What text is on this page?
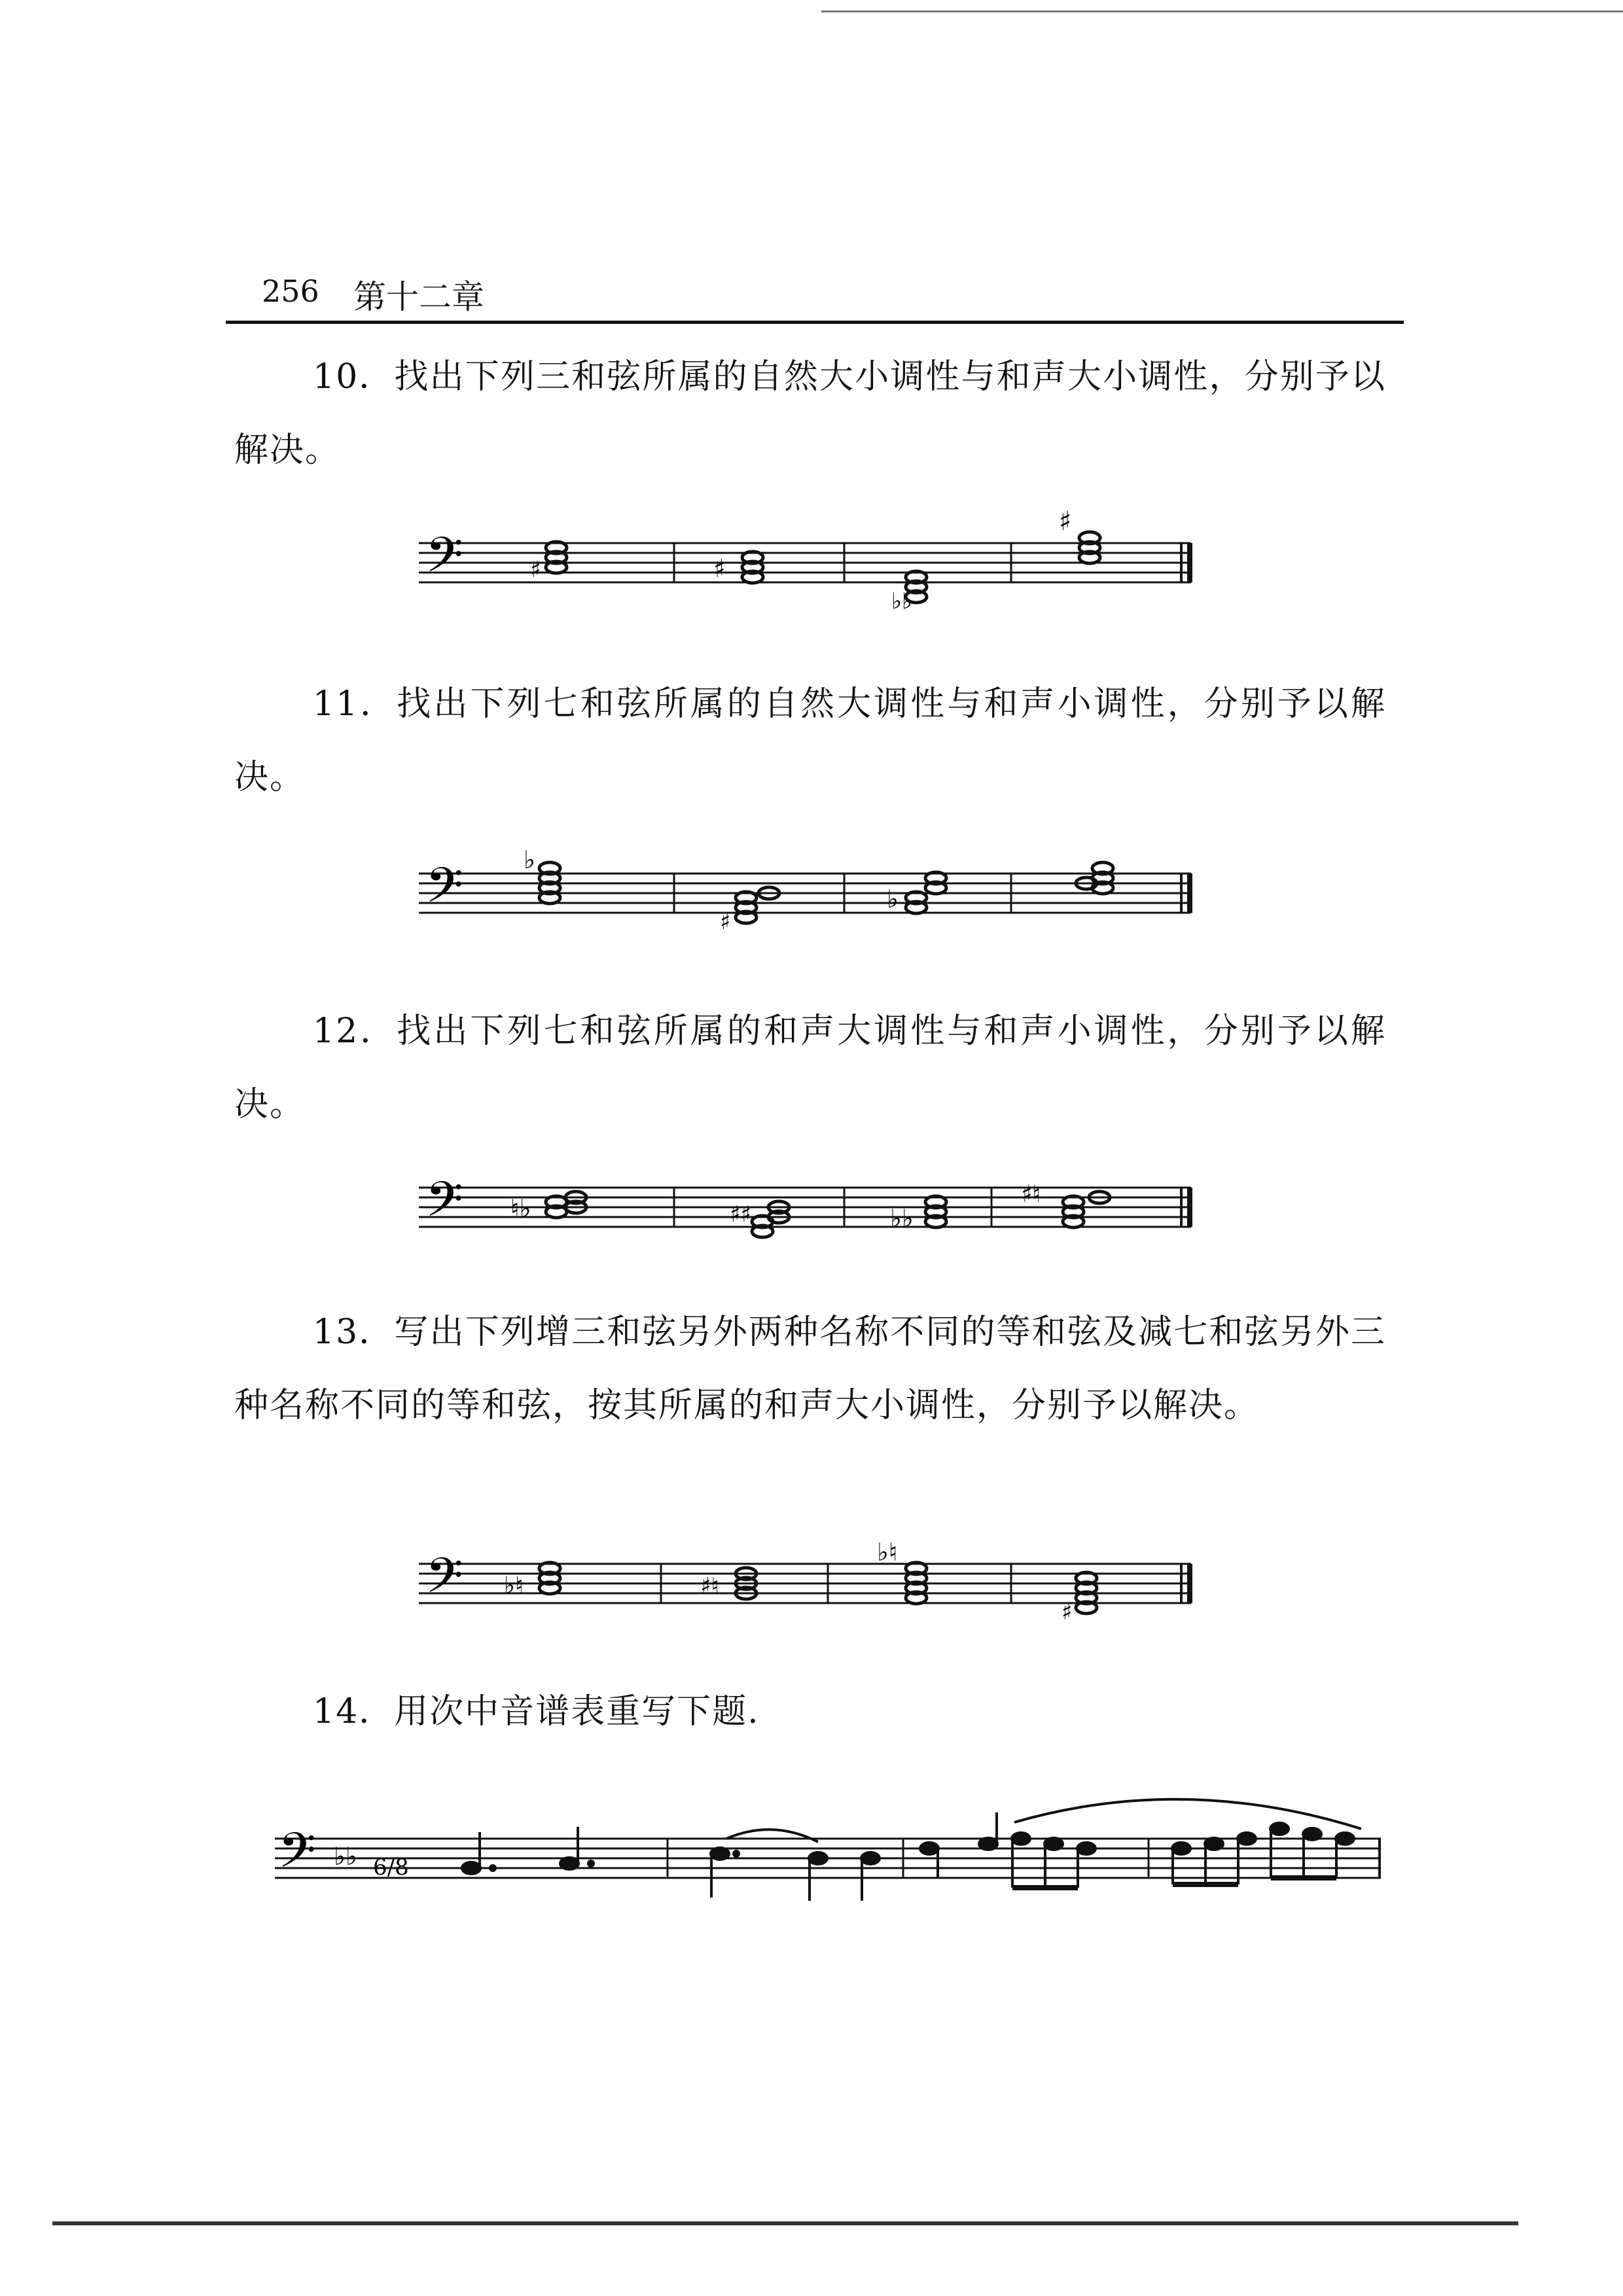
256 第十二章
10．找出下列三和弦所属的自然大小调性与和声大小调性，分别予以解决。
𝄢	♯	♯
♭♭
♯
11．找出下列七和弦所属的自然大调性与和声小调性，分别予以解决。
𝄢 ♭
♯
♭
12．找出下列七和弦所属的和声大调性与和声小调性，分别予以解决。
𝄢 ♮♭	♯♯	♭♭
♯♮
13．写出下列增三和弦另外两种名称不同的等和弦及减七和弦另外三种名称不同的等和弦，按其所属的和声大小调性，分别予以解决。
𝄢 ♭♮	♯♮
♭♮
♯
14．用次中音谱表重写下题.
𝄢 ♭♭ 6/8
